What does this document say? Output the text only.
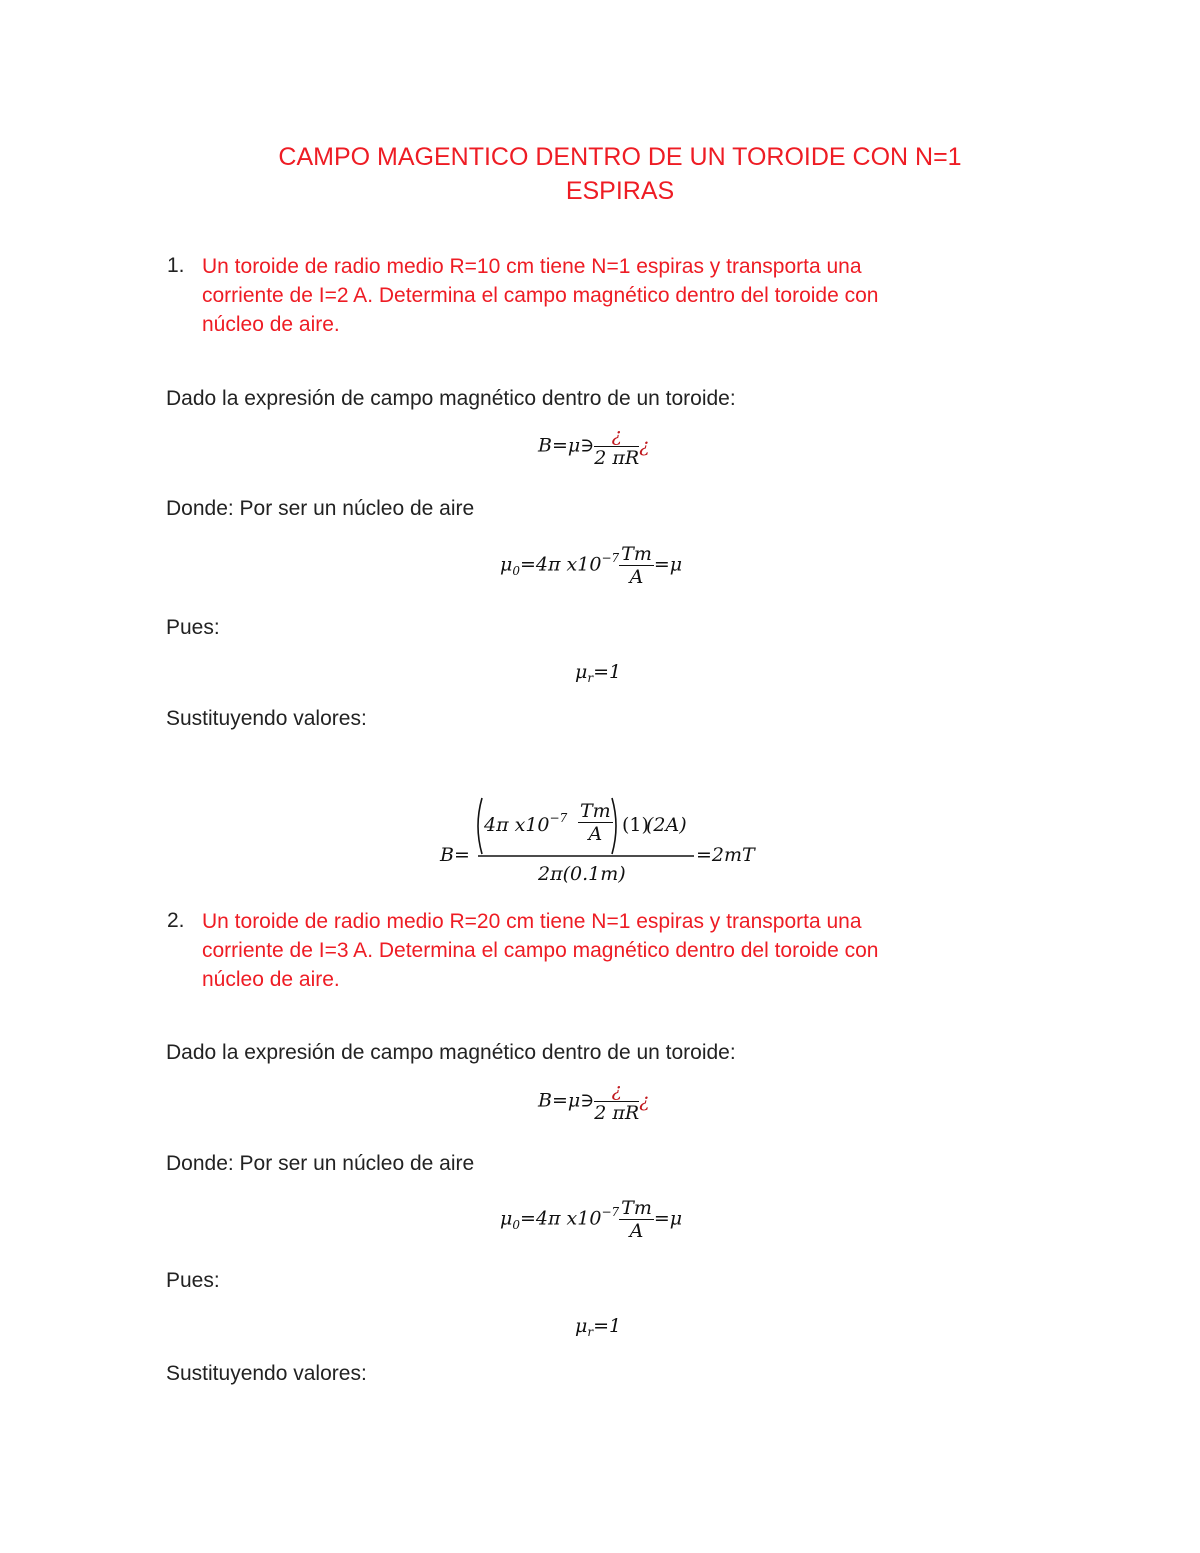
CAMPO MAGENTICO DENTRO DE UN TOROIDE CON N=1
ESPIRAS
1. Un toroide de radio medio R=10 cm tiene N=1 espiras y transporta una
corriente de I=2 A. Determina el campo magnético dentro del toroide con
núcleo de aire.
Dado la expresión de campo magnético dentro de un toroide:
B=μ∋ $\frac{¿}{2 \pi R}$ ¿
Donde: Por ser un núcleo de aire
$\mu_0=4\pi$ $x10^{-7} \frac{Tm}{A} =\mu$
Pues:
$\mu_r=1$
Sustituyendo valores:
B=
4π $x10^{-7} \frac{Tm}{A} (1)$
(2A)
2π(0.1m)
=2mT
2. Un toroide de radio medio R=20 cm tiene N=1 espiras y transporta una
corriente de I=3 A. Determina el campo magnético dentro del toroide con
núcleo de aire.
Dado la expresión de campo magnético dentro de un toroide:
B=μ∋ $\frac{¿}{2 \pi R}$ ¿
Donde: Por ser un núcleo de aire
$\mu_0=4\pi$ $x10^{-7} \frac{Tm}{A} =\mu$
Pues:
$\mu_r=1$
Sustituyendo valores:
